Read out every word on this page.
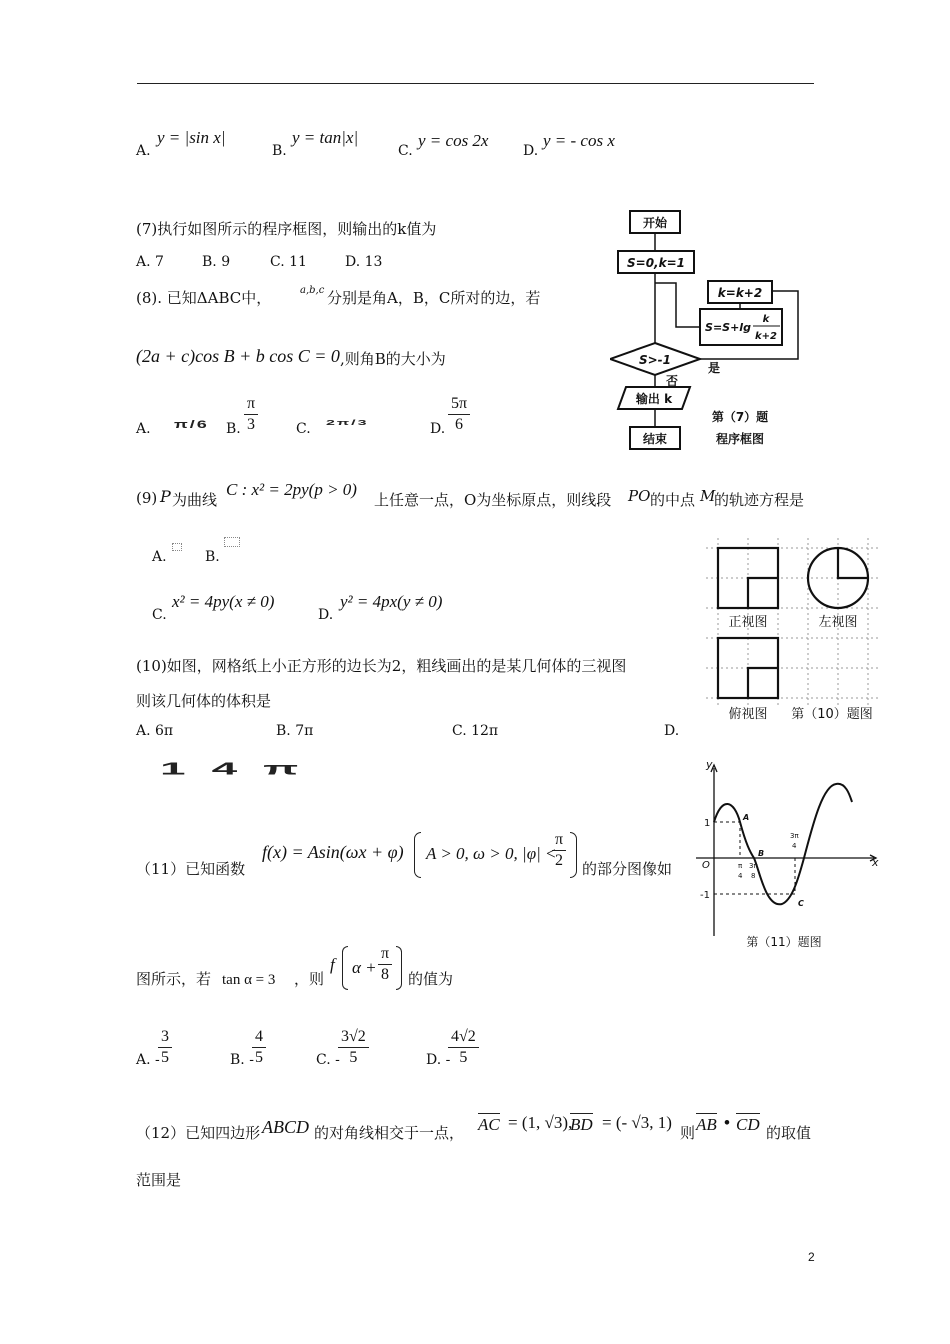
A.
y = |sin x|
B.
y = tan|x|
C.
y = cos 2x
D.
y = - cos x
(7)执行如图所示的程序框图，则输出的k值为
A. 7	B. 9	C. 11	D. 13
开始
S=0,k=1
k=k+2
S=S+lg
k
k+2
S>-1
是
否
输出 k
结束
第（7）题
程序框图
(8). 已知ΔABC中，	a,b,c 分别是角A，B，C所对的边，若
(2a + c)cos B + b cos C = 0 ,则角B的大小为
A. π/6 B. $\frac{\pi}{3}$	C. 2π/3	D. $\frac{5\pi}{6}$
(9) P 为曲线
C : x² = 2py(p > 0)
上任意一点，O为坐标原点，则线段 PO 的中点 M
的轨迹方程是
A.	B.
C.
x² = 4py(x ≠ 0)
D.
y² = 4px(y ≠ 0)
正视图	左视图
俯视图 第（10）题图
(10)如图，网格纸上小正方形的边长为2，粗线画出的是某几何体的三视图
则该几何体的体积是
A. 6π	B. 7π	C. 12π	D.
14π	y
x
O
1
-1
A
B
C
π
4
3π
8
3π
4
第（11）题图
（11）已知函数
f(x) = Asin(ωx + φ) A > 0, ω > 0, |φ| <
$\frac{\pi}{2}$ 的部分图像如
图所示，若 tan α = 3 ，则
f $\alpha + \frac{\pi}{8}$ 的值为
A. -
$\frac{3}{5}$	B. -
$\frac{4}{5}$	C. -
$\frac{3√2}{5}$	D. -
$\frac{4√2}{5}$
（12）已知四边形 ABCD 的对角线相交于一点， AC = (1, √3),
BD = (- √3, 1)
则 AB • CD 的取值
范围是
2
